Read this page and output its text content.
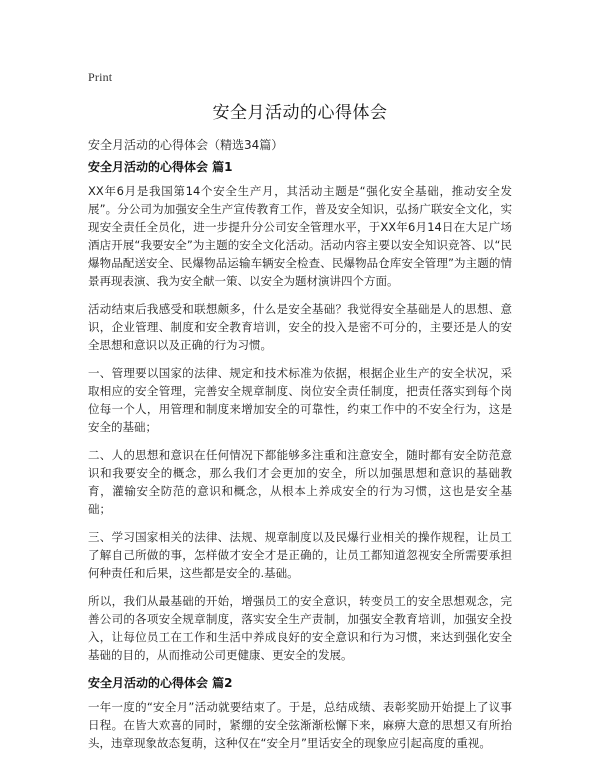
Print
安全月活动的心得体会
安全月活动的心得体会（精选34篇）
安全月活动的心得体会 篇1

XX年6月是我国第14个安全生产月，其活动主题是“强化安全基础，推动安全发展”。分公司为加强安全生产宣传教育工作，普及安全知识，弘扬广联安全文化，实现安全责任全员化，进一步提升分公司安全管理水平，于XX年6月14日在大足广场酒店开展“我要安全”为主题的安全文化活动。活动内容主要以安全知识竞答、以“民爆物品配送安全、民爆物品运输车辆安全检查、民爆物品仓库安全管理”为主题的情景再现表演、我为安全献一策、以安全为题材演讲四个方面。

活动结束后我感受和联想颇多，什么是安全基础？我觉得安全基础是人的思想、意识，企业管理、制度和安全教育培训，安全的投入是密不可分的，主要还是人的安全思想和意识以及正确的行为习惯。

一、管理要以国家的法律、规定和技术标准为依据，根据企业生产的安全状况，采取相应的安全管理，完善安全规章制度、岗位安全责任制度，把责任落实到每个岗位每一个人，用管理和制度来增加安全的可靠性，约束工作中的不安全行为，这是安全的基础；

二、人的思想和意识在任何情况下都能够多注重和注意安全，随时都有安全防范意识和我要安全的概念，那么我们才会更加的安全，所以加强思想和意识的基础教育，灌输安全防范的意识和概念，从根本上养成安全的行为习惯，这也是安全基础；

三、学习国家相关的法律、法规、规章制度以及民爆行业相关的操作规程，让员工了解自己所做的事，怎样做才安全才是正确的，让员工都知道忽视安全所需要承担何种责任和后果，这些都是安全的.基础。

所以，我们从最基础的开始，增强员工的安全意识，转变员工的安全思想观念，完善公司的各项安全规章制度，落实安全生产责制，加强安全教育培训，加强安全投入，让每位员工在工作和生活中养成良好的安全意识和行为习惯，来达到强化安全基础的目的，从而推动公司更健康、更安全的发展。

安全月活动的心得体会 篇2

一年一度的“安全月”活动就要结束了。于是，总结成绩、表彰奖励开始提上了议事日程。在皆大欢喜的同时，紧绷的安全弦渐渐松懈下来，麻痹大意的思想又有所抬头，违章现象故态复萌，这种仅在“安全月”里话安全的现象应引起高度的重视。
